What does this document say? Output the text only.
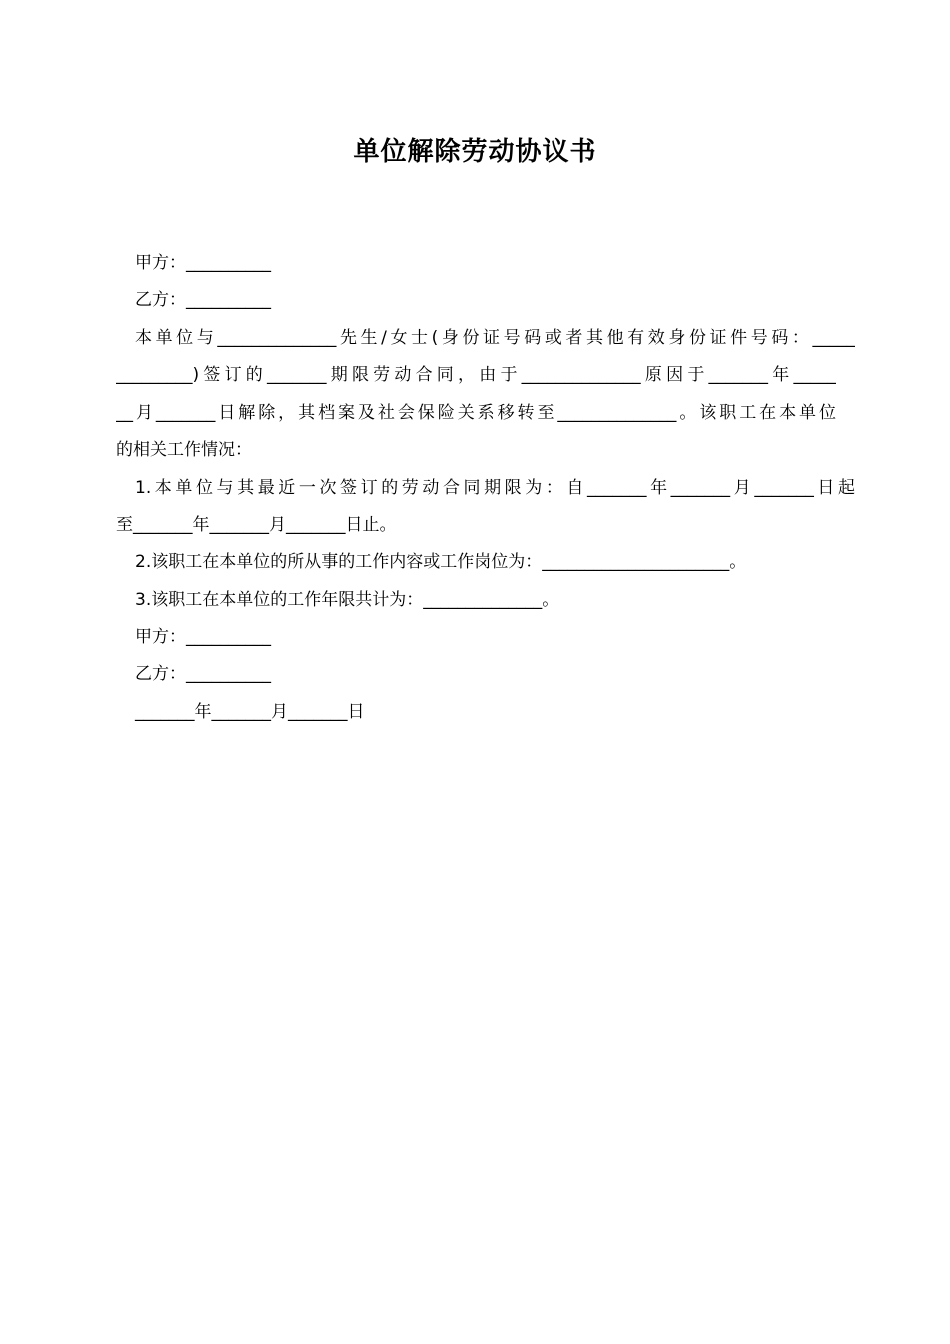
单位解除劳动协议书
甲方：__________
乙方：__________
本单位与______________先生/女士(身份证号码或者其他有效身份证件号码：_____
_________)签订的_______期限劳动合同，由于______________原因于_______年_____
__月_______日解除，其档案及社会保险关系移转至______________。该职工在本单位
的相关工作情况：
1.本单位与其最近一次签订的劳动合同期限为：自_______年_______月_______日起
至_______年_______月_______日止。
2.该职工在本单位的所从事的工作内容或工作岗位为：______________________。
3.该职工在本单位的工作年限共计为：______________。
甲方：__________
乙方：__________
_______年_______月_______日
